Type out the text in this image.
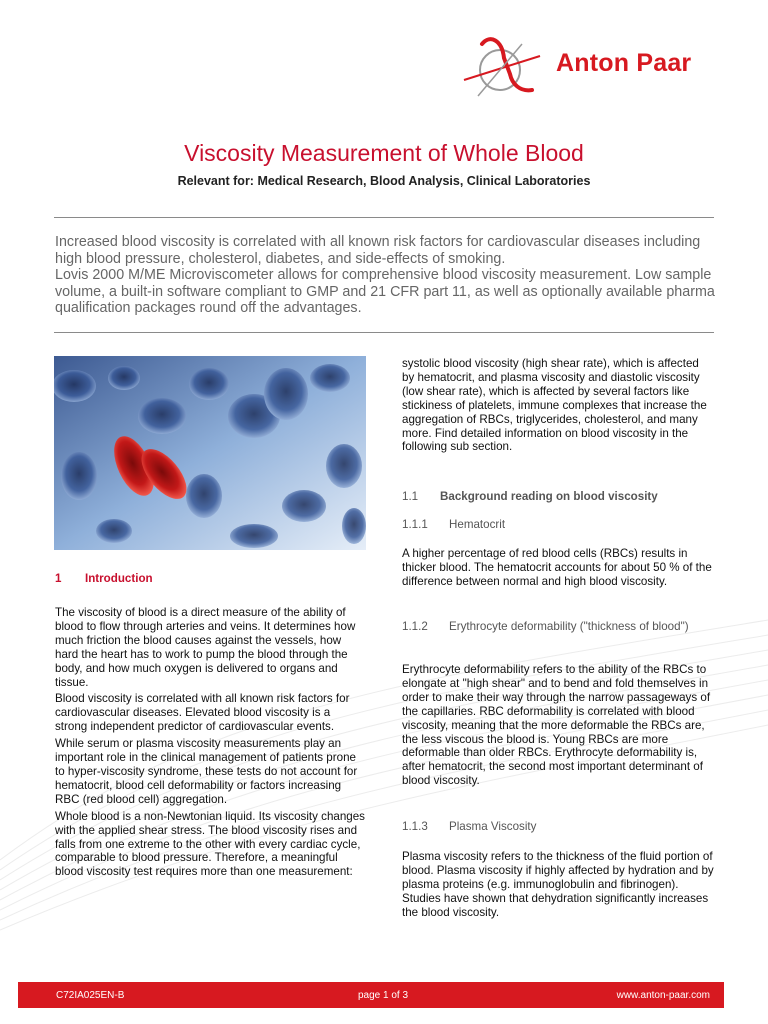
Anton Paar
Viscosity Measurement of Whole Blood
Relevant for: Medical Research, Blood Analysis, Clinical Laboratories

Increased blood viscosity is correlated with all known risk factors for cardiovascular diseases including high blood pressure, cholesterol, diabetes, and side-effects of smoking.

Lovis 2000 M/ME Microviscometer allows for comprehensive blood viscosity measurement. Low sample volume, a built-in software compliant to GMP and 21 CFR part 11, as well as optionally available pharma qualification packages round off the advantages.

1 Introduction

The viscosity of blood is a direct measure of the ability of blood to flow through arteries and veins. It determines how much friction the blood causes against the vessels, how hard the heart has to work to pump the blood through the body, and how much oxygen is delivered to organs and tissue.

Blood viscosity is correlated with all known risk factors for cardiovascular diseases. Elevated blood viscosity is a strong independent predictor of cardiovascular events.

While serum or plasma viscosity measurements play an important role in the clinical management of patients prone to hyper-viscosity syndrome, these tests do not account for hematocrit, blood cell deformability or factors increasing RBC (red blood cell) aggregation.

Whole blood is a non-Newtonian liquid. Its viscosity changes with the applied shear stress. The blood viscosity rises and falls from one extreme to the other with every cardiac cycle, comparable to blood pressure. Therefore, a meaningful blood viscosity test requires more than one measurement:

systolic blood viscosity (high shear rate), which is affected by hematocrit, and plasma viscosity and diastolic viscosity (low shear rate), which is affected by several factors like stickiness of platelets, immune complexes that increase the aggregation of RBCs, triglycerides, cholesterol, and many more. Find detailed information on blood viscosity in the following sub section.
1.1 Background reading on blood viscosity
1.1.1 Hematocrit
A higher percentage of red blood cells (RBCs) results in thicker blood. The hematocrit accounts for about 50 % of the difference between normal and high blood viscosity.
1.1.2 Erythrocyte deformability ("thickness of blood")
Erythrocyte deformability refers to the ability of the RBCs to elongate at "high shear" and to bend and fold themselves in order to make their way through the narrow passageways of the capillaries. RBC deformability is correlated with blood viscosity, meaning that the more deformable the RBCs are, the less viscous the blood is. Young RBCs are more deformable than older RBCs. Erythrocyte deformability is, after hematocrit, the second most important determinant of blood viscosity.
1.1.3 Plasma Viscosity
Plasma viscosity refers to the thickness of the fluid portion of blood. Plasma viscosity if highly affected by hydration and by plasma proteins (e.g. immunoglobulin and fibrinogen). Studies have shown that dehydration significantly increases the blood viscosity.
C72IA025EN-B	page 1 of 3	www.anton-paar.com
